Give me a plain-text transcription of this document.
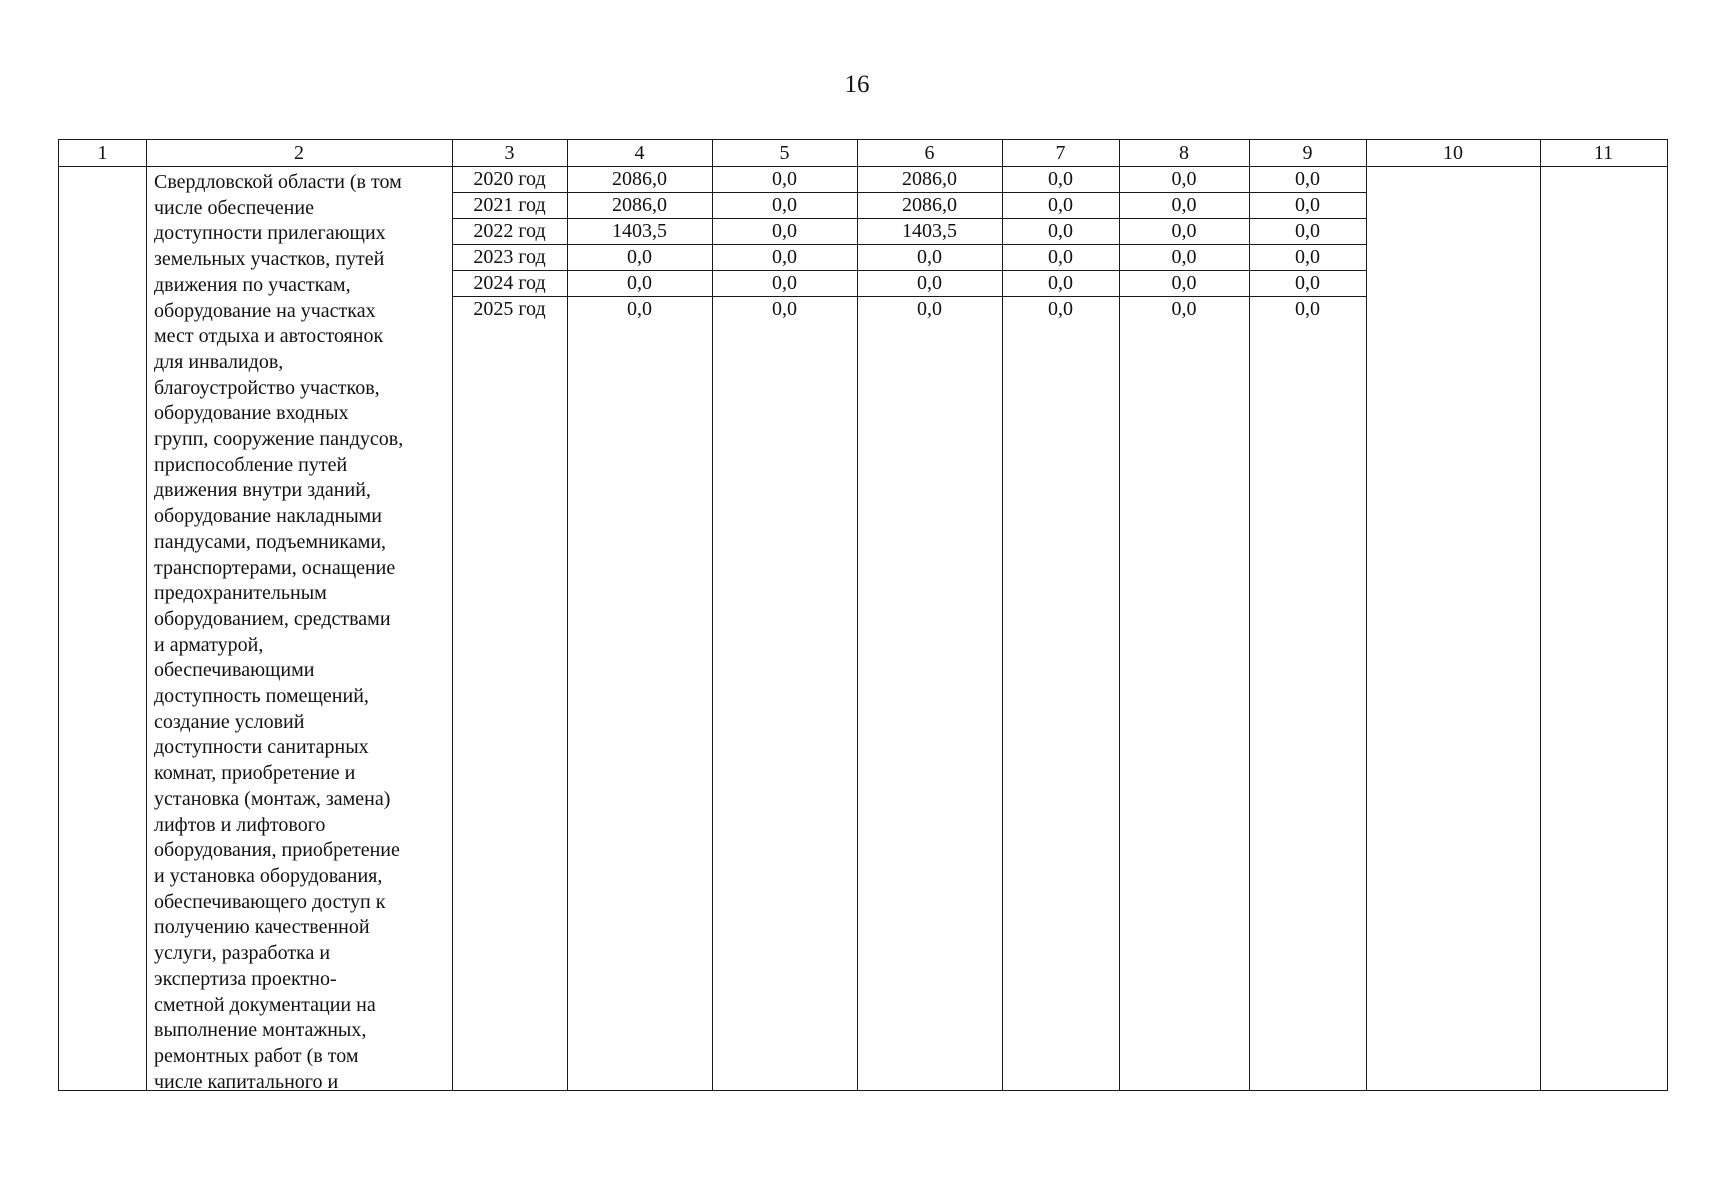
16
1	2	3	4	5	6	7	8	9	10	11
Свердловской области (в том
числе обеспечение
доступности прилегающих
земельных участков, путей
движения по участкам,
оборудование на участках
мест отдыха и автостоянок
для инвалидов,
благоустройство участков,
оборудование входных
групп, сооружение пандусов,
приспособление путей
движения внутри зданий,
оборудование накладными
пандусами, подъемниками,
транспортерами, оснащение
предохранительным
оборудованием, средствами
и арматурой,
обеспечивающими
доступность помещений,
создание условий
доступности санитарных
комнат, приобретение и
установка (монтаж, замена)
лифтов и лифтового
оборудования, приобретение
и установка оборудования,
обеспечивающего доступ к
получению качественной
услуги, разработка и
экспертиза проектно-
сметной документации на
выполнение монтажных,
ремонтных работ (в том
числе капитального и
2020 год	2086,0	0,0	2086,0	0,0	0,0	0,0
2021 год	2086,0	0,0	2086,0	0,0	0,0	0,0
2022 год	1403,5	0,0	1403,5	0,0	0,0	0,0
2023 год	0,0	0,0	0,0	0,0	0,0	0,0
2024 год	0,0	0,0	0,0	0,0	0,0	0,0
2025 год	0,0	0,0	0,0	0,0	0,0	0,0
